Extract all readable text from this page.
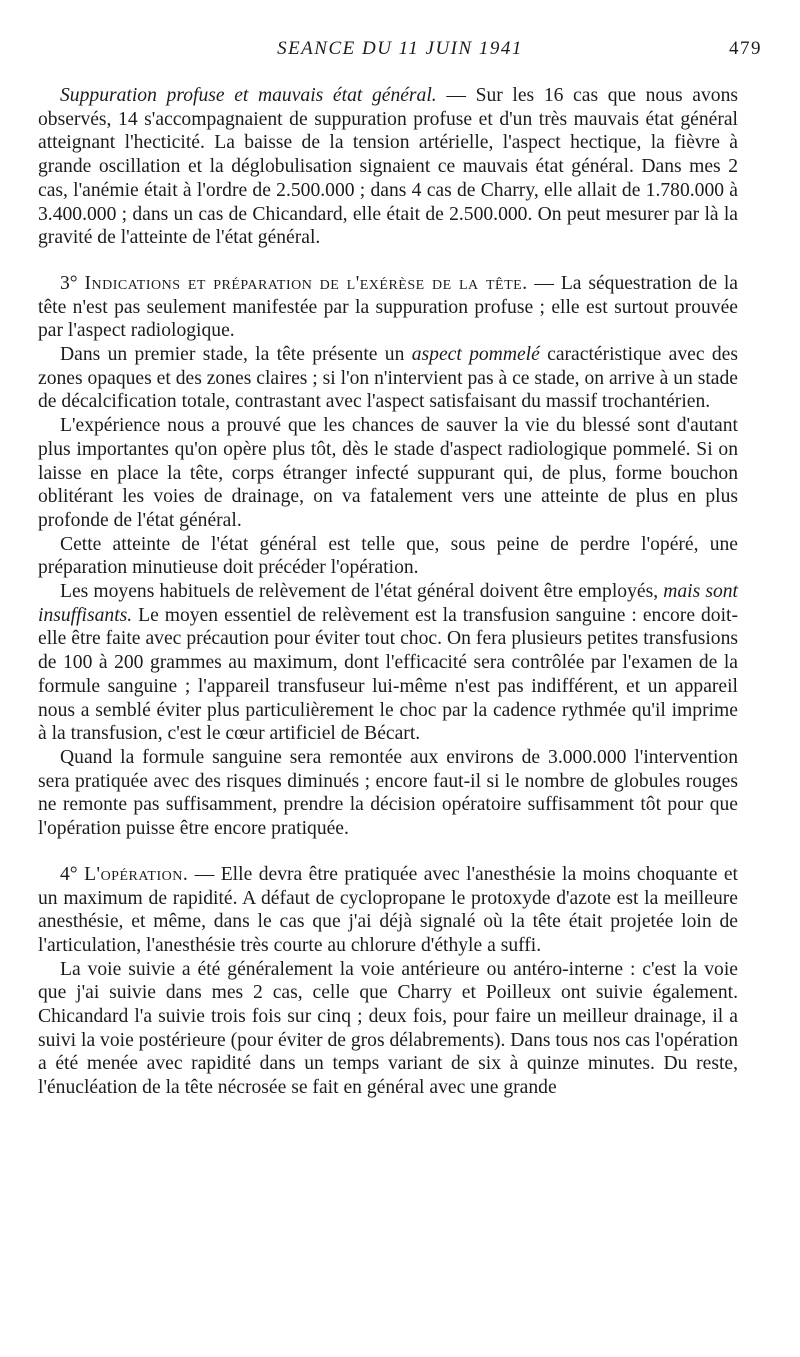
SEANCE DU 11 JUIN 1941	479

Suppuration profuse et mauvais état général. — Sur les 16 cas que nous avons observés, 14 s'accompagnaient de suppuration profuse et d'un très mauvais état général atteignant l'hecticité. La baisse de la tension artérielle, l'aspect hectique, la fièvre à grande oscillation et la déglobulisation signaient ce mauvais état général. Dans mes 2 cas, l'anémie était à l'ordre de 2.500.000 ; dans 4 cas de Charry, elle allait de 1.780.000 à 3.400.000 ; dans un cas de Chicandard, elle était de 2.500.000. On peut mesurer par là la gravité de l'atteinte de l'état général.

3° Indications et préparation de l'exérèse de la tête. — La séquestration de la tête n'est pas seulement manifestée par la suppuration profuse ; elle est surtout prouvée par l'aspect radiologique.

Dans un premier stade, la tête présente un aspect pommelé caractéristique avec des zones opaques et des zones claires ; si l'on n'intervient pas à ce stade, on arrive à un stade de décalcification totale, contrastant avec l'aspect satisfaisant du massif trochantérien.

L'expérience nous a prouvé que les chances de sauver la vie du blessé sont d'autant plus importantes qu'on opère plus tôt, dès le stade d'aspect radiologique pommelé. Si on laisse en place la tête, corps étranger infecté suppurant qui, de plus, forme bouchon oblitérant les voies de drainage, on va fatalement vers une atteinte de plus en plus profonde de l'état général.

Cette atteinte de l'état général est telle que, sous peine de perdre l'opéré, une préparation minutieuse doit précéder l'opération.

Les moyens habituels de relèvement de l'état général doivent être employés, mais sont insuffisants. Le moyen essentiel de relèvement est la transfusion sanguine : encore doit-elle être faite avec précaution pour éviter tout choc. On fera plusieurs petites transfusions de 100 à 200 grammes au maximum, dont l'efficacité sera contrôlée par l'examen de la formule sanguine ; l'appareil transfuseur lui-même n'est pas indifférent, et un appareil nous a semblé éviter plus particulièrement le choc par la cadence rythmée qu'il imprime à la transfusion, c'est le cœur artificiel de Bécart.

Quand la formule sanguine sera remontée aux environs de 3.000.000 l'intervention sera pratiquée avec des risques diminués ; encore faut-il si le nombre de globules rouges ne remonte pas suffisamment, prendre la décision opératoire suffisamment tôt pour que l'opération puisse être encore pratiquée.

4° L'opération. — Elle devra être pratiquée avec l'anesthésie la moins choquante et un maximum de rapidité. A défaut de cyclopropane le protoxyde d'azote est la meilleure anesthésie, et même, dans le cas que j'ai déjà signalé où la tête était projetée loin de l'articulation, l'anesthésie très courte au chlorure d'éthyle a suffi.

La voie suivie a été généralement la voie antérieure ou antéro-interne : c'est la voie que j'ai suivie dans mes 2 cas, celle que Charry et Poilleux ont suivie également. Chicandard l'a suivie trois fois sur cinq ; deux fois, pour faire un meilleur drainage, il a suivi la voie postérieure (pour éviter de gros délabrements). Dans tous nos cas l'opération a été menée avec rapidité dans un temps variant de six à quinze minutes. Du reste, l'énucléation de la tête nécrosée se fait en général avec une grande
